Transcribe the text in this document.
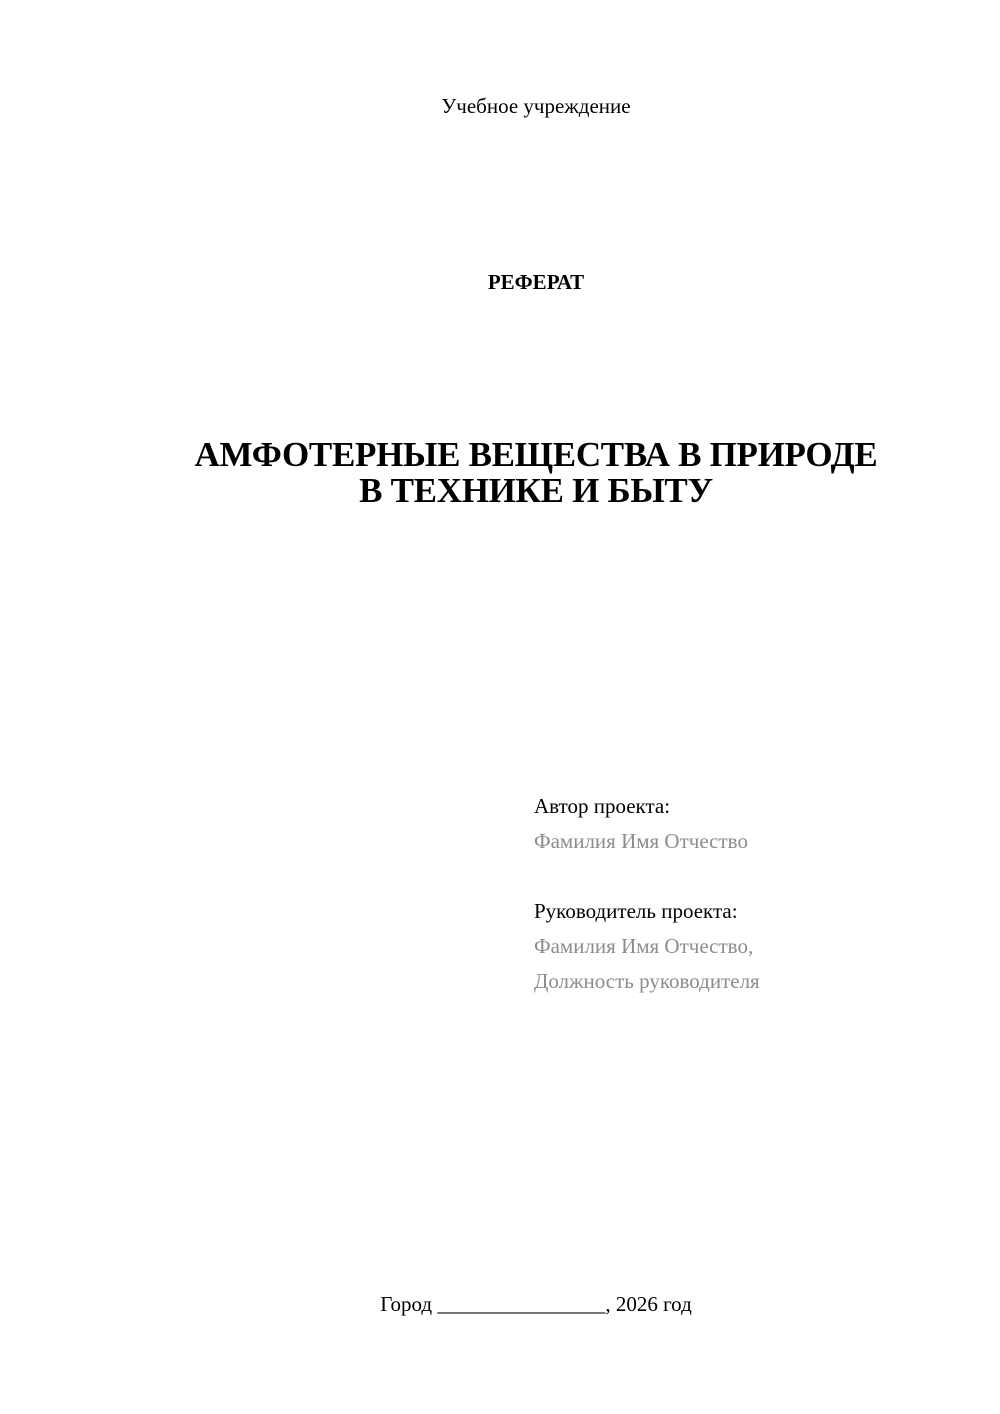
Учебное учреждение
РЕФЕРАТ
АМФОТЕРНЫЕ ВЕЩЕСТВА В ПРИРОДЕ
В ТЕХНИКЕ И БЫТУ
Автор проекта:
Фамилия Имя Отчество
Руководитель проекта:
Фамилия Имя Отчество,
Должность руководителя
Город ________________, 2026 год
